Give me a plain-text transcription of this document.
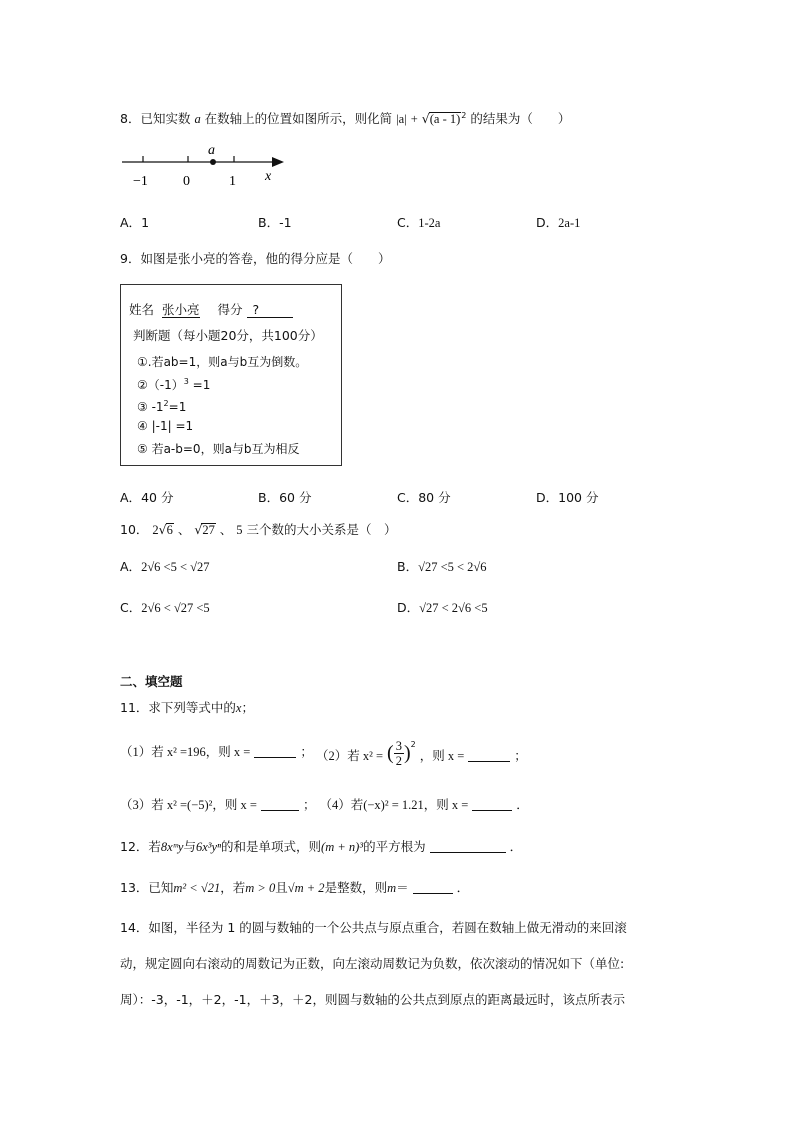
8．已知实数 a 在数轴上的位置如图所示，则化简 |a| + √(a - 1)$^2$ 的结果为（　　）
a
−1	0	1 x
A．1	B．-1	C．1-2a	D．2a-1
9．如图是张小亮的答卷，他的得分应是（　　）
姓名 张小亮 得分 ?
判断题（每小题20分，共100分）
①.若ab=1，则a与b互为倒数。
$②(-1)^3 =1$
③ $-1^2=1$
④ |-1| =1
⑤ 若a-b=0，则a与b互为相反
A．40 分	B．60 分	C．80 分	D．100 分
10． 2√6 、 √27 、 5 三个数的大小关系是（　）
A．2√6 <5 < √27	B．√27 <5 < 2√6
C．2√6 < √27 <5	D．√27 < 2√6 <5
二、填空题
11．求下列等式中的x；
（1）若 x² =196，则 x =	； （2）若 x² = ( $\frac{3}{2} )^2$ ，则 x =	；
（3）若 x² =(−5)²，则 x =	； （4）若(−x)² = 1.21，则 x =	．
12．若8xᵐy与6x³yⁿ的和是单项式，则(m + n)³的平方根为	．
13．已知m² < √21，若m > 0且√m + 2是整数，则m＝	．
14．如图，半径为 1 的圆与数轴的一个公共点与原点重合，若圆在数轴上做无滑动的来回滚
动，规定圆向右滚动的周数记为正数，向左滚动周数记为负数，依次滚动的情况如下（单位:
周）：-3，-1，＋2，-1，＋3，＋2，则圆与数轴的公共点到原点的距离最远时，该点所表示
